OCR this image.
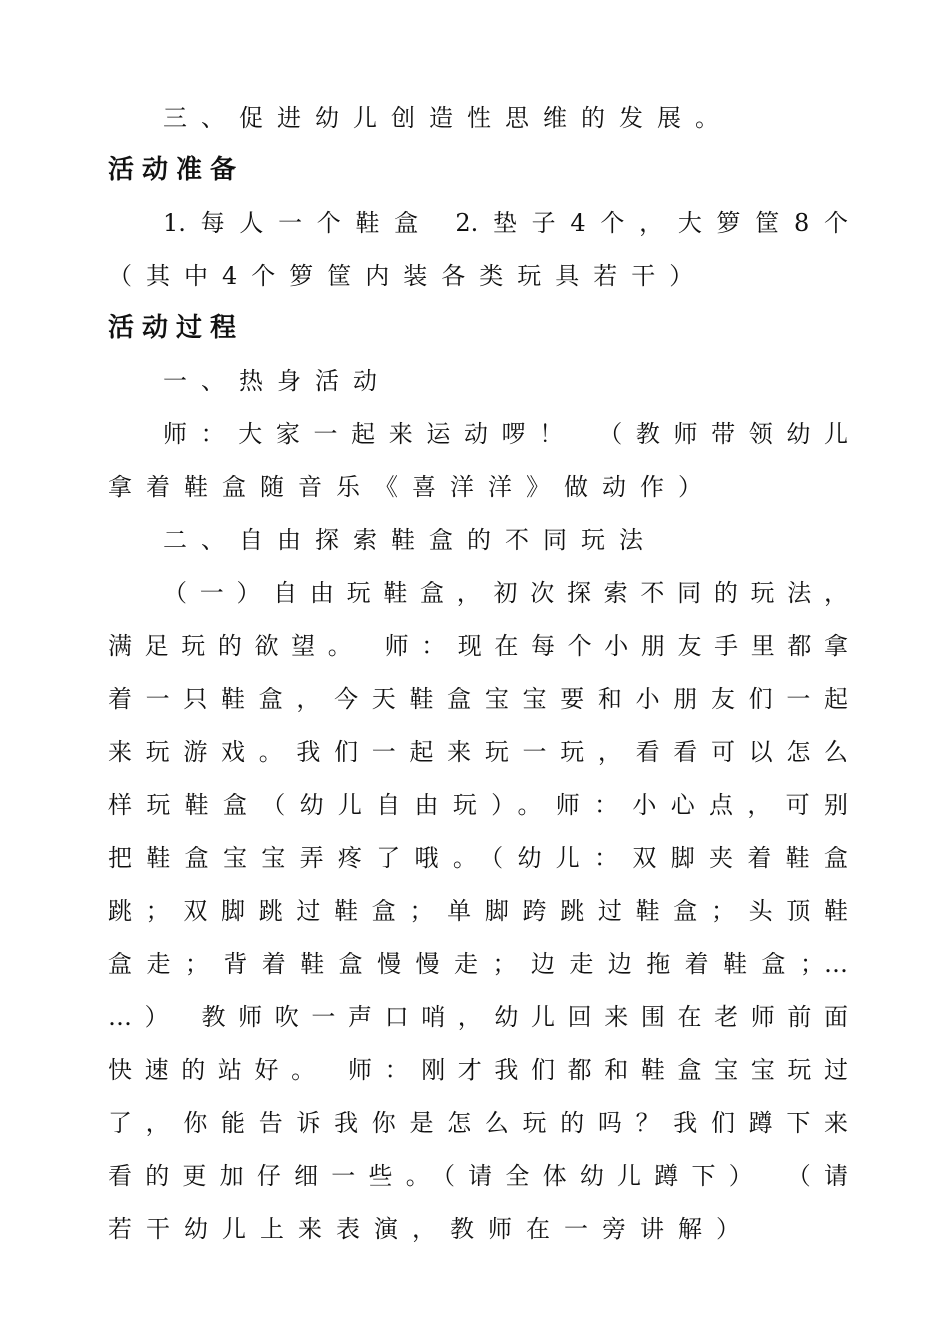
三、促进幼儿创造性思维的发展。
活动准备
1.每人一个鞋盒 2.垫子4个，大箩筐8个
（其中4个箩筐内装各类玩具若干）
活动过程
一、热身活动
师：大家一起来运动啰！ （教师带领幼儿
拿着鞋盒随音乐《喜洋洋》做动作）
二、自由探索鞋盒的不同玩法
（一）自由玩鞋盒，初次探索不同的玩法，
满足玩的欲望。 师：现在每个小朋友手里都拿
着一只鞋盒，今天鞋盒宝宝要和小朋友们一起
来玩游戏。我们一起来玩一玩，看看可以怎么
样玩鞋盒（幼儿自由玩）。师：小心点，可别
把鞋盒宝宝弄疼了哦。（幼儿：双脚夹着鞋盒
跳；双脚跳过鞋盒；单脚跨跳过鞋盒；头顶鞋
盒走；背着鞋盒慢慢走；边走边拖着鞋盒；…
…） 教师吹一声口哨，幼儿回来围在老师前面
快速的站好。 师：刚才我们都和鞋盒宝宝玩过
了，你能告诉我你是怎么玩的吗？我们蹲下来
看的更加仔细一些。（请全体幼儿蹲下） （请
若干幼儿上来表演，教师在一旁讲解）
